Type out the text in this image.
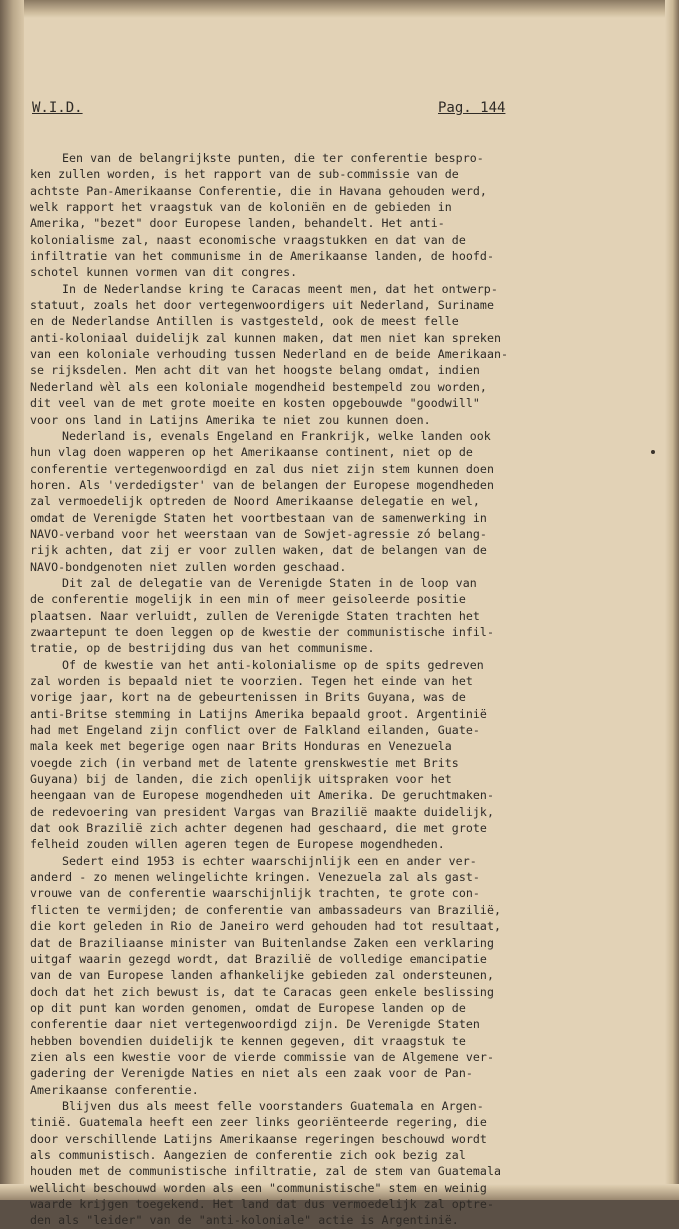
W.I.D.	Pag. 144
Een van de belangrijkste punten, die ter conferentie bespro-
ken zullen worden, is het rapport van de sub-commissie van de
achtste Pan-Amerikaanse Conferentie, die in Havana gehouden werd,
welk rapport het vraagstuk van de koloniën en de gebieden in
Amerika, "bezet" door Europese landen, behandelt. Het anti-
kolonialisme zal, naast economische vraagstukken en dat van de
infiltratie van het communisme in de Amerikaanse landen, de hoofd-
schotel kunnen vormen van dit congres.
In de Nederlandse kring te Caracas meent men, dat het ontwerp-
statuut, zoals het door vertegenwoordigers uit Nederland, Suriname
en de Nederlandse Antillen is vastgesteld, ook de meest felle
anti-koloniaal duidelijk zal kunnen maken, dat men niet kan spreken
van een koloniale verhouding tussen Nederland en de beide Amerikaan-
se rijksdelen. Men acht dit van het hoogste belang omdat, indien
Nederland wèl als een koloniale mogendheid bestempeld zou worden,
dit veel van de met grote moeite en kosten opgebouwde "goodwill"
voor ons land in Latijns Amerika te niet zou kunnen doen.
Nederland is, evenals Engeland en Frankrijk, welke landen ook
hun vlag doen wapperen op het Amerikaanse continent, niet op de
conferentie vertegenwoordigd en zal dus niet zijn stem kunnen doen
horen. Als 'verdedigster' van de belangen der Europese mogendheden
zal vermoedelijk optreden de Noord Amerikaanse delegatie en wel,
omdat de Verenigde Staten het voortbestaan van de samenwerking in
NAVO-verband voor het weerstaan van de Sowjet-agressie zó belang-
rijk achten, dat zij er voor zullen waken, dat de belangen van de
NAVO-bondgenoten niet zullen worden geschaad.
Dit zal de delegatie van de Verenigde Staten in de loop van
de conferentie mogelijk in een min of meer geisoleerde positie
plaatsen. Naar verluidt, zullen de Verenigde Staten trachten het
zwaartepunt te doen leggen op de kwestie der communistische infil-
tratie, op de bestrijding dus van het communisme.
Of de kwestie van het anti-kolonialisme op de spits gedreven
zal worden is bepaald niet te voorzien. Tegen het einde van het
vorige jaar, kort na de gebeurtenissen in Brits Guyana, was de
anti-Britse stemming in Latijns Amerika bepaald groot. Argentinië
had met Engeland zijn conflict over de Falkland eilanden, Guate-
mala keek met begerige ogen naar Brits Honduras en Venezuela
voegde zich (in verband met de latente grenskwestie met Brits
Guyana) bij de landen, die zich openlijk uitspraken voor het
heengaan van de Europese mogendheden uit Amerika. De geruchtmaken-
de redevoering van president Vargas van Brazilië maakte duidelijk,
dat ook Brazilië zich achter degenen had geschaard, die met grote
felheid zouden willen ageren tegen de Europese mogendheden.
Sedert eind 1953 is echter waarschijnlijk een en ander ver-
anderd - zo menen welingelichte kringen. Venezuela zal als gast-
vrouwe van de conferentie waarschijnlijk trachten, te grote con-
flicten te vermijden; de conferentie van ambassadeurs van Brazilië,
die kort geleden in Rio de Janeiro werd gehouden had tot resultaat,
dat de Braziliaanse minister van Buitenlandse Zaken een verklaring
uitgaf waarin gezegd wordt, dat Brazilië de volledige emancipatie
van de van Europese landen afhankelijke gebieden zal ondersteunen,
doch dat het zich bewust is, dat te Caracas geen enkele beslissing
op dit punt kan worden genomen, omdat de Europese landen op de
conferentie daar niet vertegenwoordigd zijn. De Verenigde Staten
hebben bovendien duidelijk te kennen gegeven, dit vraagstuk te
zien als een kwestie voor de vierde commissie van de Algemene ver-
gadering der Verenigde Naties en niet als een zaak voor de Pan-
Amerikaanse conferentie.
Blijven dus als meest felle voorstanders Guatemala en Argen-
tinië. Guatemala heeft een zeer links georiënteerde regering, die
door verschillende Latijns Amerikaanse regeringen beschouwd wordt
als communistisch. Aangezien de conferentie zich ook bezig zal
houden met de communistische infiltratie, zal de stem van Guatemala
wellicht beschouwd worden als een "communistische" stem en weinig
waarde krijgen toegekend. Het land dat dus vermoedelijk zal optre-
den als "leider" van de "anti-koloniale" actie is Argentinië.
